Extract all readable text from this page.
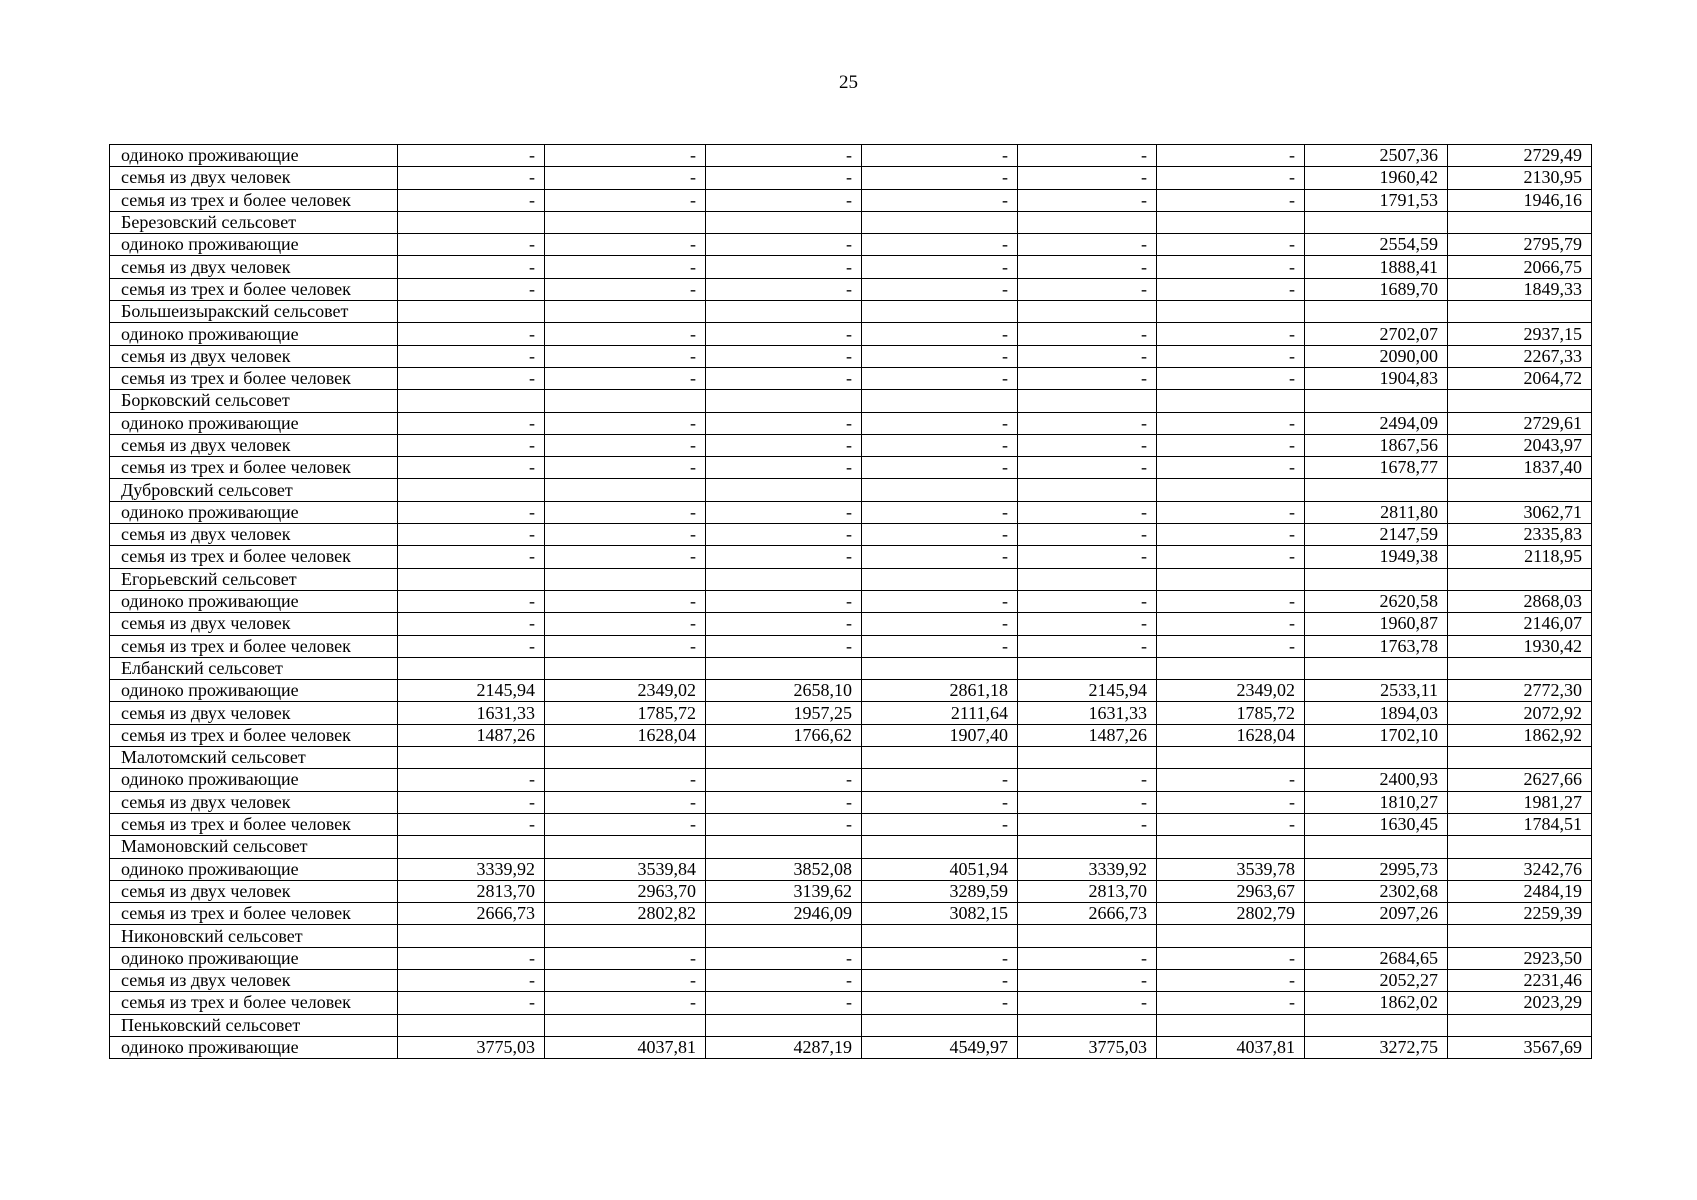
25
одиноко проживающие	-	-	-	-	-	-	2507,36	2729,49
семья из двух человек	-	-	-	-	-	-	1960,42	2130,95
семья из трех и более человек	-	-	-	-	-	-	1791,53	1946,16
Березовский сельсовет								
одиноко проживающие	-	-	-	-	-	-	2554,59	2795,79
семья из двух человек	-	-	-	-	-	-	1888,41	2066,75
семья из трех и более человек	-	-	-	-	-	-	1689,70	1849,33
Большеизыракский сельсовет								
одиноко проживающие	-	-	-	-	-	-	2702,07	2937,15
семья из двух человек	-	-	-	-	-	-	2090,00	2267,33
семья из трех и более человек	-	-	-	-	-	-	1904,83	2064,72
Борковский сельсовет								
одиноко проживающие	-	-	-	-	-	-	2494,09	2729,61
семья из двух человек	-	-	-	-	-	-	1867,56	2043,97
семья из трех и более человек	-	-	-	-	-	-	1678,77	1837,40
Дубровский сельсовет								
одиноко проживающие	-	-	-	-	-	-	2811,80	3062,71
семья из двух человек	-	-	-	-	-	-	2147,59	2335,83
семья из трех и более человек	-	-	-	-	-	-	1949,38	2118,95
Егорьевский сельсовет								
одиноко проживающие	-	-	-	-	-	-	2620,58	2868,03
семья из двух человек	-	-	-	-	-	-	1960,87	2146,07
семья из трех и более человек	-	-	-	-	-	-	1763,78	1930,42
Елбанский сельсовет								
одиноко проживающие	2145,94	2349,02	2658,10	2861,18	2145,94	2349,02	2533,11	2772,30
семья из двух человек	1631,33	1785,72	1957,25	2111,64	1631,33	1785,72	1894,03	2072,92
семья из трех и более человек	1487,26	1628,04	1766,62	1907,40	1487,26	1628,04	1702,10	1862,92
Малотомский сельсовет								
одиноко проживающие	-	-	-	-	-	-	2400,93	2627,66
семья из двух человек	-	-	-	-	-	-	1810,27	1981,27
семья из трех и более человек	-	-	-	-	-	-	1630,45	1784,51
Мамоновский сельсовет								
одиноко проживающие	3339,92	3539,84	3852,08	4051,94	3339,92	3539,78	2995,73	3242,76
семья из двух человек	2813,70	2963,70	3139,62	3289,59	2813,70	2963,67	2302,68	2484,19
семья из трех и более человек	2666,73	2802,82	2946,09	3082,15	2666,73	2802,79	2097,26	2259,39
Никоновский сельсовет								
одиноко проживающие	-	-	-	-	-	-	2684,65	2923,50
семья из двух человек	-	-	-	-	-	-	2052,27	2231,46
семья из трех и более человек	-	-	-	-	-	-	1862,02	2023,29
Пеньковский сельсовет								
одиноко проживающие	3775,03	4037,81	4287,19	4549,97	3775,03	4037,81	3272,75	3567,69
